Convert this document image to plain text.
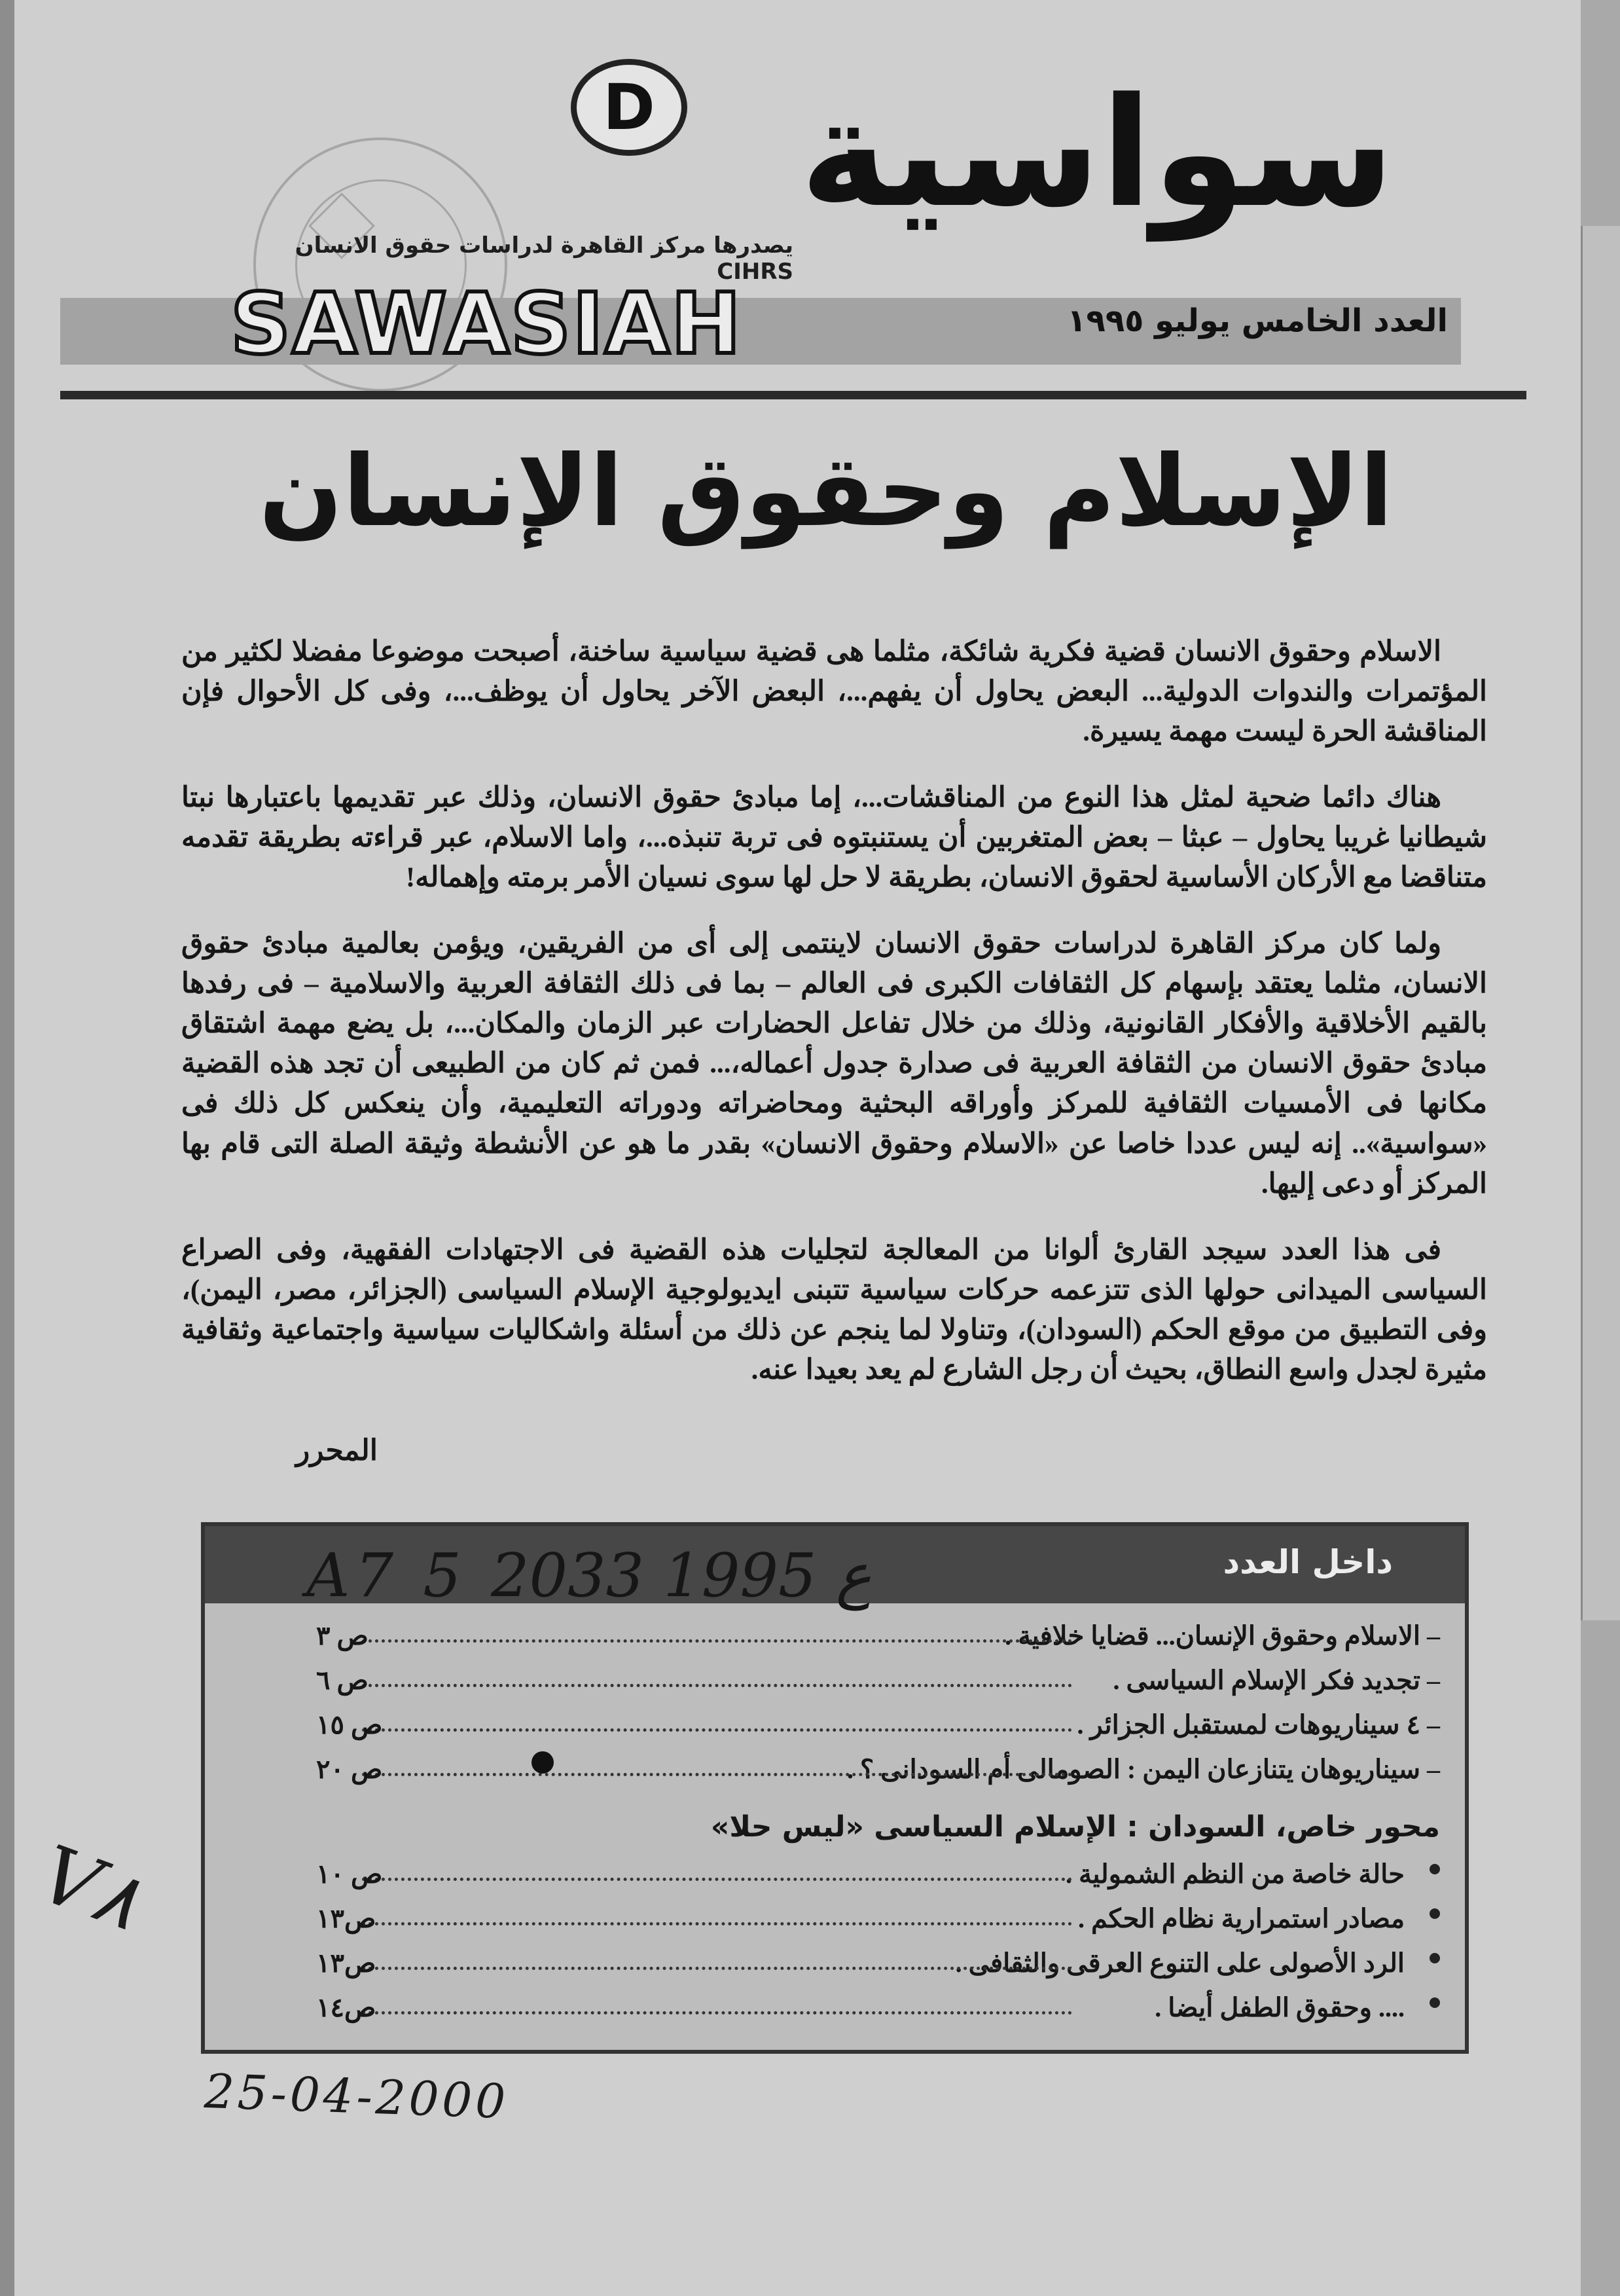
D سواسية
يصدرها مركز القاهرة لدراسات حقوق الانسان CIHRS
SAWASIAH	العدد الخامس يوليو ١٩٩٥
الإسلام وحقوق الإنسان

الاسلام وحقوق الانسان قضية فكرية شائكة، مثلما هى قضية سياسية ساخنة، أصبحت موضوعا مفضلا لكثير من المؤتمرات والندوات الدولية... البعض يحاول أن يفهم...، البعض الآخر يحاول أن يوظف...، وفى كل الأحوال فإن المناقشة الحرة ليست مهمة يسيرة.

هناك دائما ضحية لمثل هذا النوع من المناقشات...، إما مبادئ حقوق الانسان، وذلك عبر تقديمها باعتبارها نبتا شيطانيا غريبا يحاول – عبثا – بعض المتغربين أن يستنبتوه فى تربة تنبذه...، واما الاسلام، عبر قراءته بطريقة تقدمه متناقضا مع الأركان الأساسية لحقوق الانسان، بطريقة لا حل لها سوى نسيان الأمر برمته وإهماله!

ولما كان مركز القاهرة لدراسات حقوق الانسان لاينتمى إلى أى من الفريقين، ويؤمن بعالمية مبادئ حقوق الانسان، مثلما يعتقد بإسهام كل الثقافات الكبرى فى العالم – بما فى ذلك الثقافة العربية والاسلامية – فى رفدها بالقيم الأخلاقية والأفكار القانونية، وذلك من خلال تفاعل الحضارات عبر الزمان والمكان...، بل يضع مهمة اشتقاق مبادئ حقوق الانسان من الثقافة العربية فى صدارة جدول أعماله،... فمن ثم كان من الطبيعى أن تجد هذه القضية مكانها فى الأمسيات الثقافية للمركز وأوراقه البحثية ومحاضراته ودوراته التعليمية، وأن ينعكس كل ذلك فى «سواسية».. إنه ليس عددا خاصا عن «الاسلام وحقوق الانسان» بقدر ما هو عن الأنشطة وثيقة الصلة التى قام بها المركز أو دعى إليها.

فى هذا العدد سيجد القارئ ألوانا من المعالجة لتجليات هذه القضية فى الاجتهادات الفقهية، وفى الصراع السياسى الميدانى حولها الذى تتزعمه حركات سياسية تتبنى ايديولوجية الإسلام السياسى (الجزائر، مصر، اليمن)، وفى التطبيق من موقع الحكم (السودان)، وتناولا لما ينجم عن ذلك من أسئلة واشكاليات سياسية واجتماعية وثقافية مثيرة لجدل واسع النطاق، بحيث أن رجل الشارع لم يعد بعيدا عنه.

المحرر
داخل العدد
A7 5 ع 1995 2033
– الاسلام وحقوق الإنسان... قضايا خلافية .
ص ٣
– تجديد فكر الإسلام السياسى .
ص ٦
– ٤ سيناريوهات لمستقبل الجزائر .
ص ١٥
– سيناريوهان يتنازعان اليمن : الصومالى أم السودانى ؟ .
ص ٢٠
محور خاص، السودان : الإسلام السياسى «ليس حلا»
حالة خاصة من النظم الشمولية .
ص ١٠
مصادر استمرارية نظام الحكم .
ص١٣
الرد الأصولى على التنوع العرقى والثقافى .
ص١٣
.... وحقوق الطفل أيضا .
ص١٤
V٨
25-04-2000
